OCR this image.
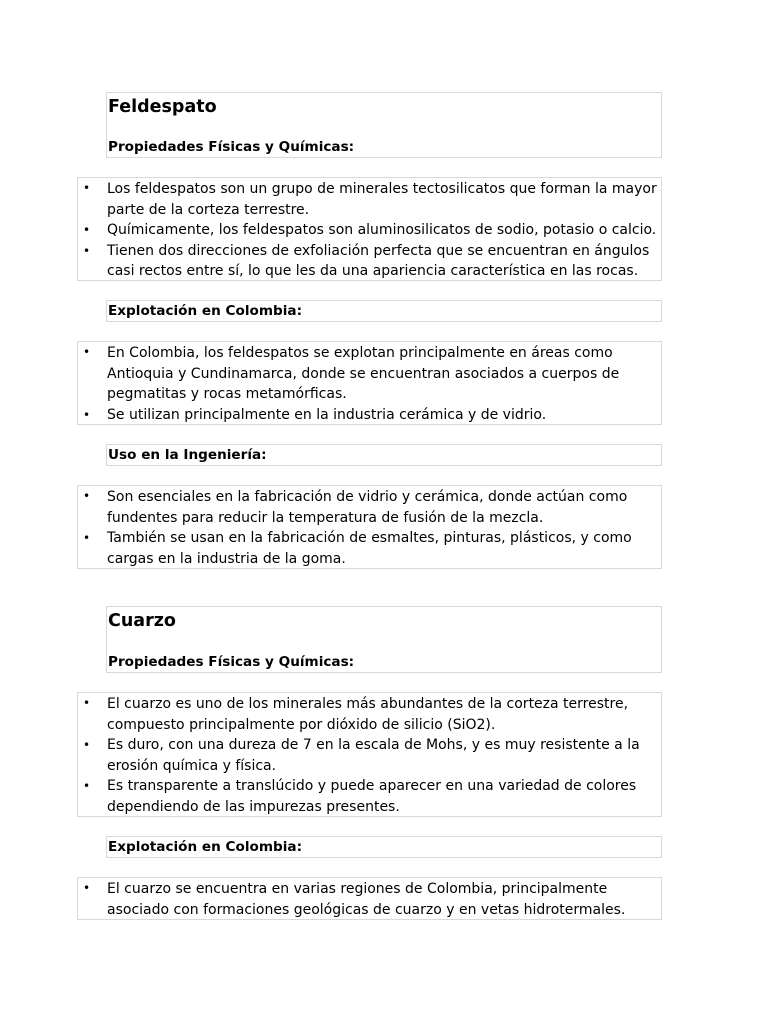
Feldespato
Propiedades Físicas y Químicas:
• Los feldespatos son un grupo de minerales tectosilicatos que forman la mayor parte de la corteza terrestre.
• Químicamente, los feldespatos son aluminosilicatos de sodio, potasio o calcio.
• Tienen dos direcciones de exfoliación perfecta que se encuentran en ángulos casi rectos entre sí, lo que les da una apariencia característica en las rocas.
Explotación en Colombia:
• En Colombia, los feldespatos se explotan principalmente en áreas como Antioquia y Cundinamarca, donde se encuentran asociados a cuerpos de pegmatitas y rocas metamórficas.
• Se utilizan principalmente en la industria cerámica y de vidrio.
Uso en la Ingeniería:
• Son esenciales en la fabricación de vidrio y cerámica, donde actúan como fundentes para reducir la temperatura de fusión de la mezcla.
• También se usan en la fabricación de esmaltes, pinturas, plásticos, y como cargas en la industria de la goma.
Cuarzo
Propiedades Físicas y Químicas:
• El cuarzo es uno de los minerales más abundantes de la corteza terrestre, compuesto principalmente por dióxido de silicio (SiO2).
• Es duro, con una dureza de 7 en la escala de Mohs, y es muy resistente a la erosión química y física.
• Es transparente a translúcido y puede aparecer en una variedad de colores dependiendo de las impurezas presentes.
Explotación en Colombia:
• El cuarzo se encuentra en varias regiones de Colombia, principalmente asociado con formaciones geológicas de cuarzo y en vetas hidrotermales.
